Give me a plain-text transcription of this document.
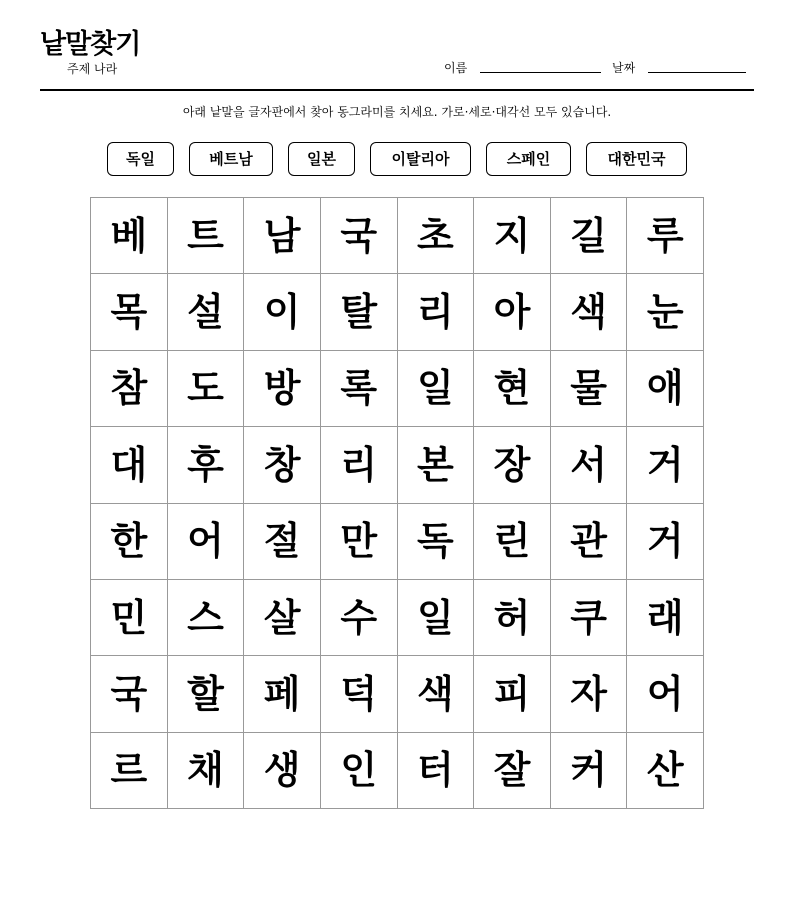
낱말찾기
주제 나라	이름	날짜
아래 낱말을 글자판에서 찾아 동그라미를 치세요. 가로·세로·대각선 모두 있습니다.
독일	베트남	일본	이탈리아	스페인	대한민국
베	트	남	국	초	지	길	루
목	설	이	탈	리	아	색	눈
참	도	방	록	일	현	물	애
대	후	창	리	본	장	서	거
한	어	절	만	독	린	관	거
민	스	살	수	일	허	쿠	래
국	할	페	덕	색	피	자	어
르	채	생	인	터	잘	커	산
